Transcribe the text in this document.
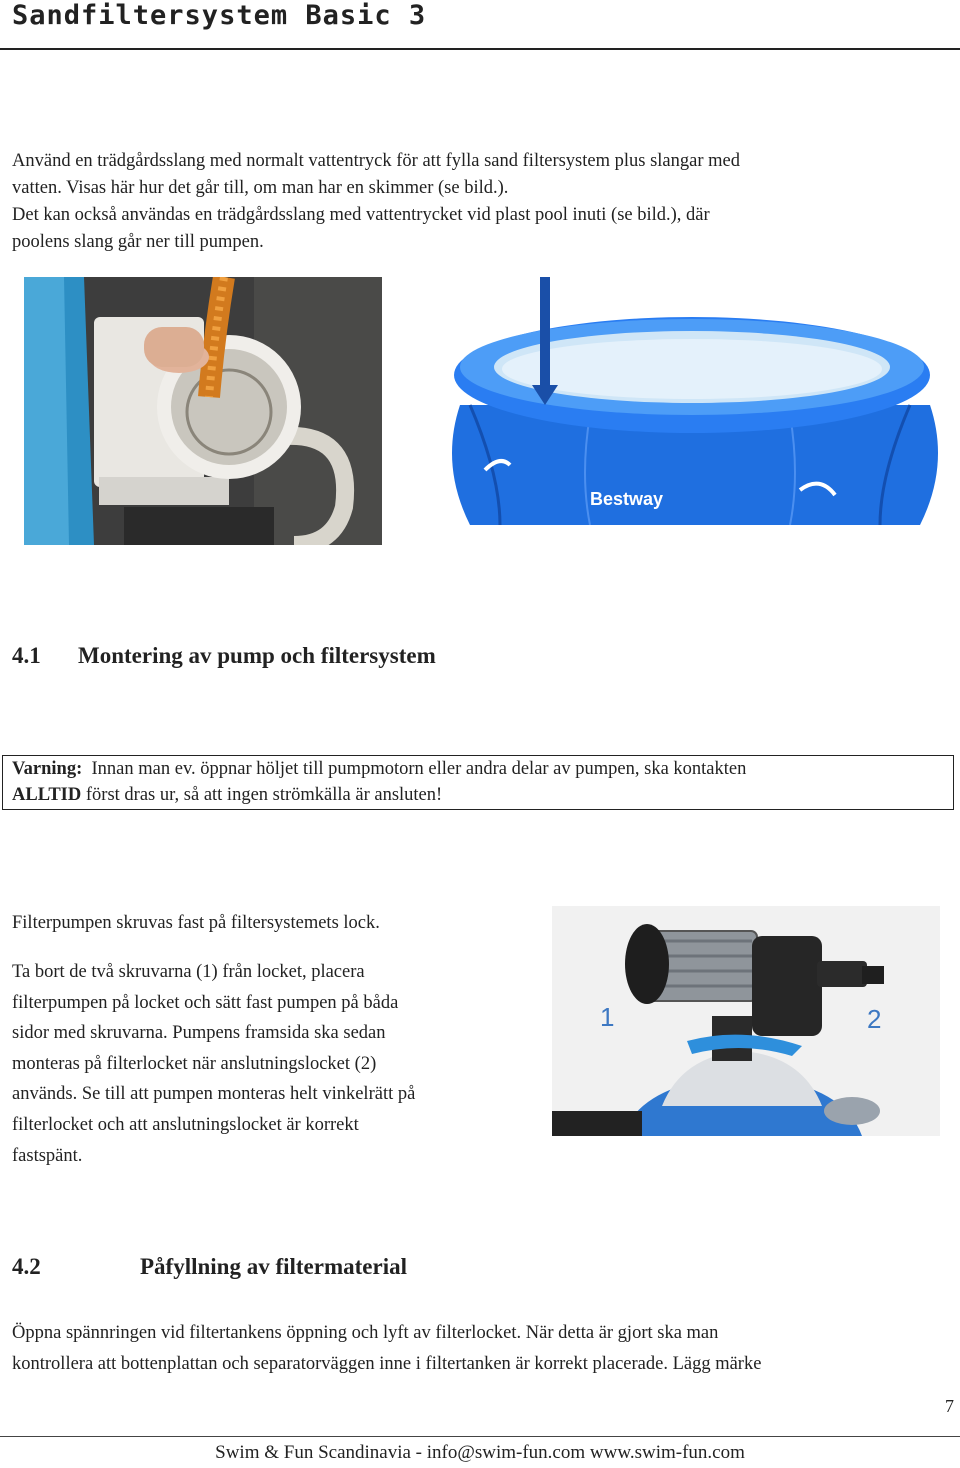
Sandfiltersystem Basic 3
Använd en trädgårdsslang med normalt vattentryck för att fylla sand filtersystem plus slangar med
vatten. Visas här hur det går till, om man har en skimmer (se bild.).
Det kan också användas en trädgårdsslang med vattentrycket vid plast pool inuti (se bild.), där
poolens slang går ner till pumpen.
Bestway
4.1 Montering av pump och filtersystem
Varning: Innan man ev. öppnar höljet till pumpmotorn eller andra delar av pumpen, ska kontakten
ALLTID först dras ur, så att ingen strömkälla är ansluten!
Filterpumpen skruvas fast på filtersystemets lock.
Ta bort de två skruvarna (1) från locket, placera
filterpumpen på locket och sätt fast pumpen på båda
sidor med skruvarna. Pumpens framsida ska sedan
monteras på filterlocket när anslutningslocket (2)
används. Se till att pumpen monteras helt vinkelrätt på
filterlocket och att anslutningslocket är korrekt
fastspänt.
1	2
4.2	Påfyllning av filtermaterial
Öppna spännringen vid filtertankens öppning och lyft av filterlocket. När detta är gjort ska man
kontrollera att bottenplattan och separatorväggen inne i filtertanken är korrekt placerade. Lägg märke
7
Swim & Fun Scandinavia - info@swim-fun.com www.swim-fun.com
